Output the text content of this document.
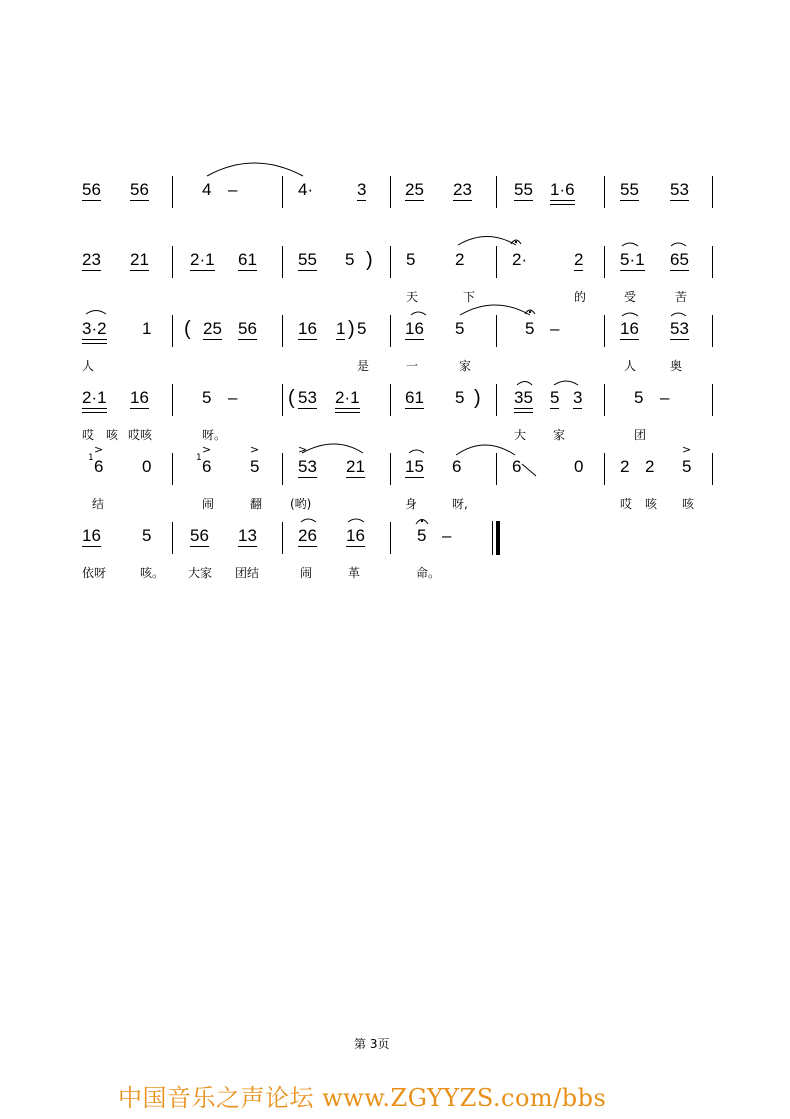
56 56	4 –	4·	3 25 23 55 1·6	55 53
23 21 2·1 61 55 5 ) 5 2	2·	2 5·1 65
天	下	的	受	苦
3·2 1 ( 25 56 16 1 ) 5 16 5	5 –	16 53
人	是	一	家	人	奥
2·1 16	5 –	( 53 2·1	61 5 ) 35 5 3	5 –
哎 咳 哎咳	呀。	大 家	团
>
1 6 0
>
1 6
>
5
>
53 21 15 6	6	0 2 2
>
5
结	闹	翻 (哟)	身	呀,	哎 咳 咳
16 5 56 13 26 16	5 –
依呀	咳。 大家 团结	闹	革	命。
第 3页
中国音乐之声论坛 www.ZGYYZS.com/bbs
